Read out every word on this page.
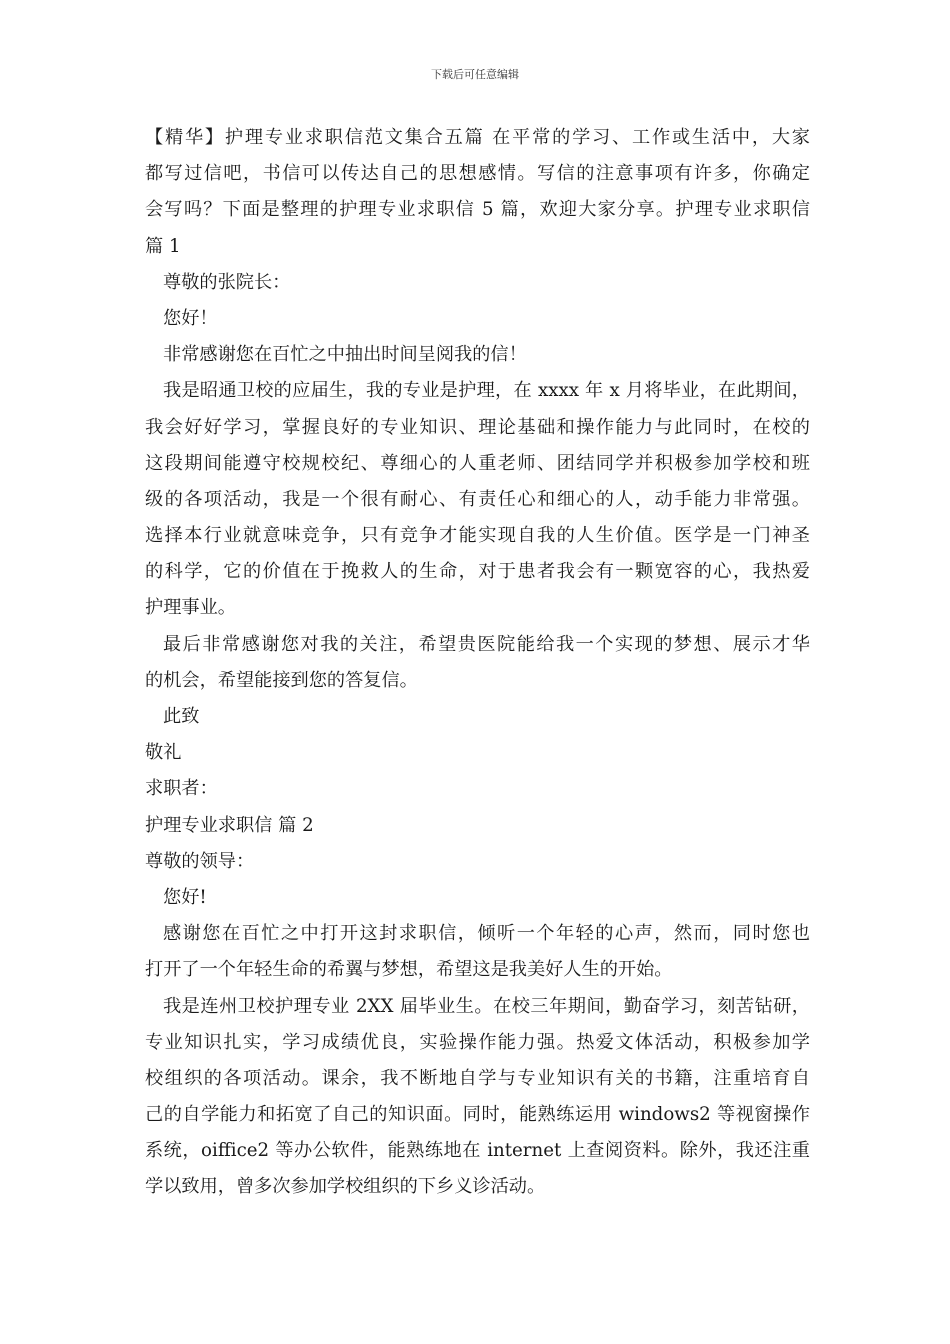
下载后可任意编辑
【精华】护理专业求职信范文集合五篇 在平常的学习、工作或生活中，大家
都写过信吧，书信可以传达自己的思想感情。写信的注意事项有许多，你确定
会写吗？下面是整理的护理专业求职信 5 篇，欢迎大家分享。护理专业求职信
篇 1
尊敬的张院长：
您好！
非常感谢您在百忙之中抽出时间呈阅我的信！
我是昭通卫校的应届生，我的专业是护理，在 xxxx 年 x 月将毕业，在此期间，
我会好好学习，掌握良好的专业知识、理论基础和操作能力与此同时，在校的
这段期间能遵守校规校纪、尊细心的人重老师、团结同学并积极参加学校和班
级的各项活动，我是一个很有耐心、有责任心和细心的人，动手能力非常强。
选择本行业就意味竞争，只有竞争才能实现自我的人生价值。医学是一门神圣
的科学，它的价值在于挽救人的生命，对于患者我会有一颗宽容的心，我热爱
护理事业。
最后非常感谢您对我的关注，希望贵医院能给我一个实现的梦想、展示才华
的机会，希望能接到您的答复信。
此致
敬礼
求职者：
护理专业求职信 篇 2
尊敬的领导：
您好!
感谢您在百忙之中打开这封求职信，倾听一个年轻的心声，然而，同时您也
打开了一个年轻生命的希翼与梦想，希望这是我美好人生的开始。
我是连州卫校护理专业 2XX 届毕业生。在校三年期间，勤奋学习，刻苦钻研，
专业知识扎实，学习成绩优良，实验操作能力强。热爱文体活动，积极参加学
校组织的各项活动。课余，我不断地自学与专业知识有关的书籍，注重培育自
己的自学能力和拓宽了自己的知识面。同时，能熟练运用 windows2 等视窗操作
系统，oiffice2 等办公软件，能熟练地在 internet 上查阅资料。除外，我还注重
学以致用，曾多次参加学校组织的下乡义诊活动。
